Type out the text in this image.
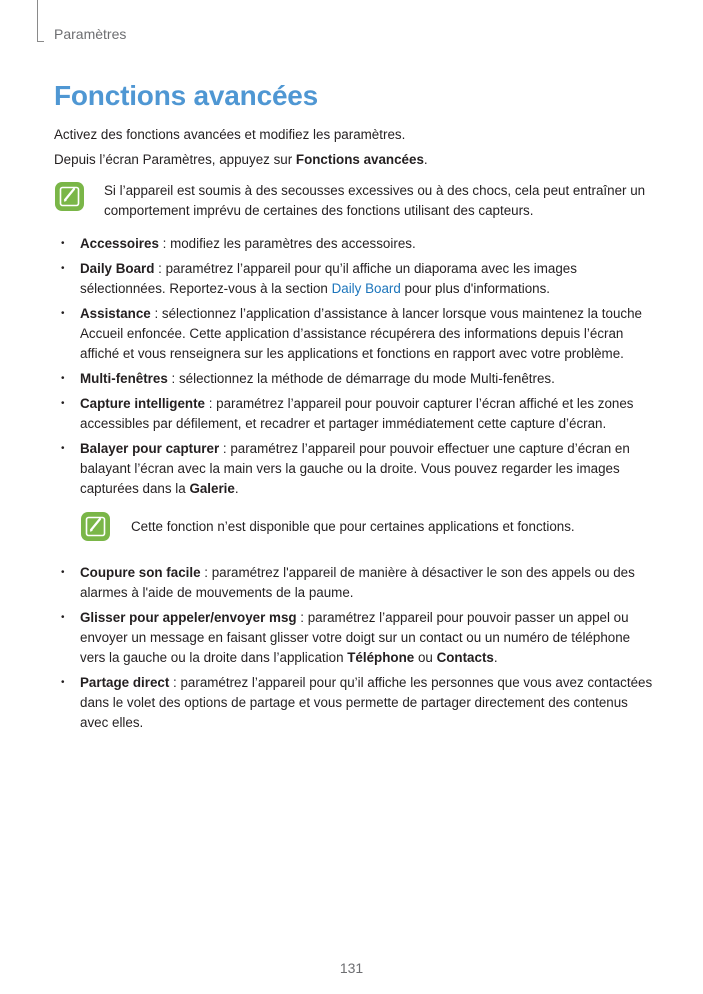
Paramètres
Fonctions avancées

Activez des fonctions avancées et modifiez les paramètres.

Depuis l’écran Paramètres, appuyez sur Fonctions avancées.

Si l’appareil est soumis à des secousses excessives ou à des chocs, cela peut entraîner un
comportement imprévu de certaines des fonctions utilisant des capteurs.
• Accessoires : modifiez les paramètres des accessoires.
• Daily Board : paramétrez l’appareil pour qu’il affiche un diaporama avec les images sélectionnées. Reportez-vous à la section Daily Board pour plus d'informations.
• Assistance : sélectionnez l’application d’assistance à lancer lorsque vous maintenez la touche Accueil enfoncée. Cette application d’assistance récupérera des informations depuis l’écran affiché et vous renseignera sur les applications et fonctions en rapport avec votre problème.
• Multi-fenêtres : sélectionnez la méthode de démarrage du mode Multi-fenêtres.
• Capture intelligente : paramétrez l’appareil pour pouvoir capturer l’écran affiché et les zones accessibles par défilement, et recadrer et partager immédiatement cette capture d’écran.
• Balayer pour capturer : paramétrez l’appareil pour pouvoir effectuer une capture d’écran en balayant l’écran avec la main vers la gauche ou la droite. Vous pouvez regarder les images capturées dans la Galerie.
Cette fonction n’est disponible que pour certaines applications et fonctions.
• Coupure son facile : paramétrez l'appareil de manière à désactiver le son des appels ou des alarmes à l'aide de mouvements de la paume.
• Glisser pour appeler/envoyer msg : paramétrez l’appareil pour pouvoir passer un appel ou envoyer un message en faisant glisser votre doigt sur un contact ou un numéro de téléphone vers la gauche ou la droite dans l’application Téléphone ou Contacts.
• Partage direct : paramétrez l’appareil pour qu’il affiche les personnes que vous avez contactées dans le volet des options de partage et vous permette de partager directement des contenus avec elles.
131
